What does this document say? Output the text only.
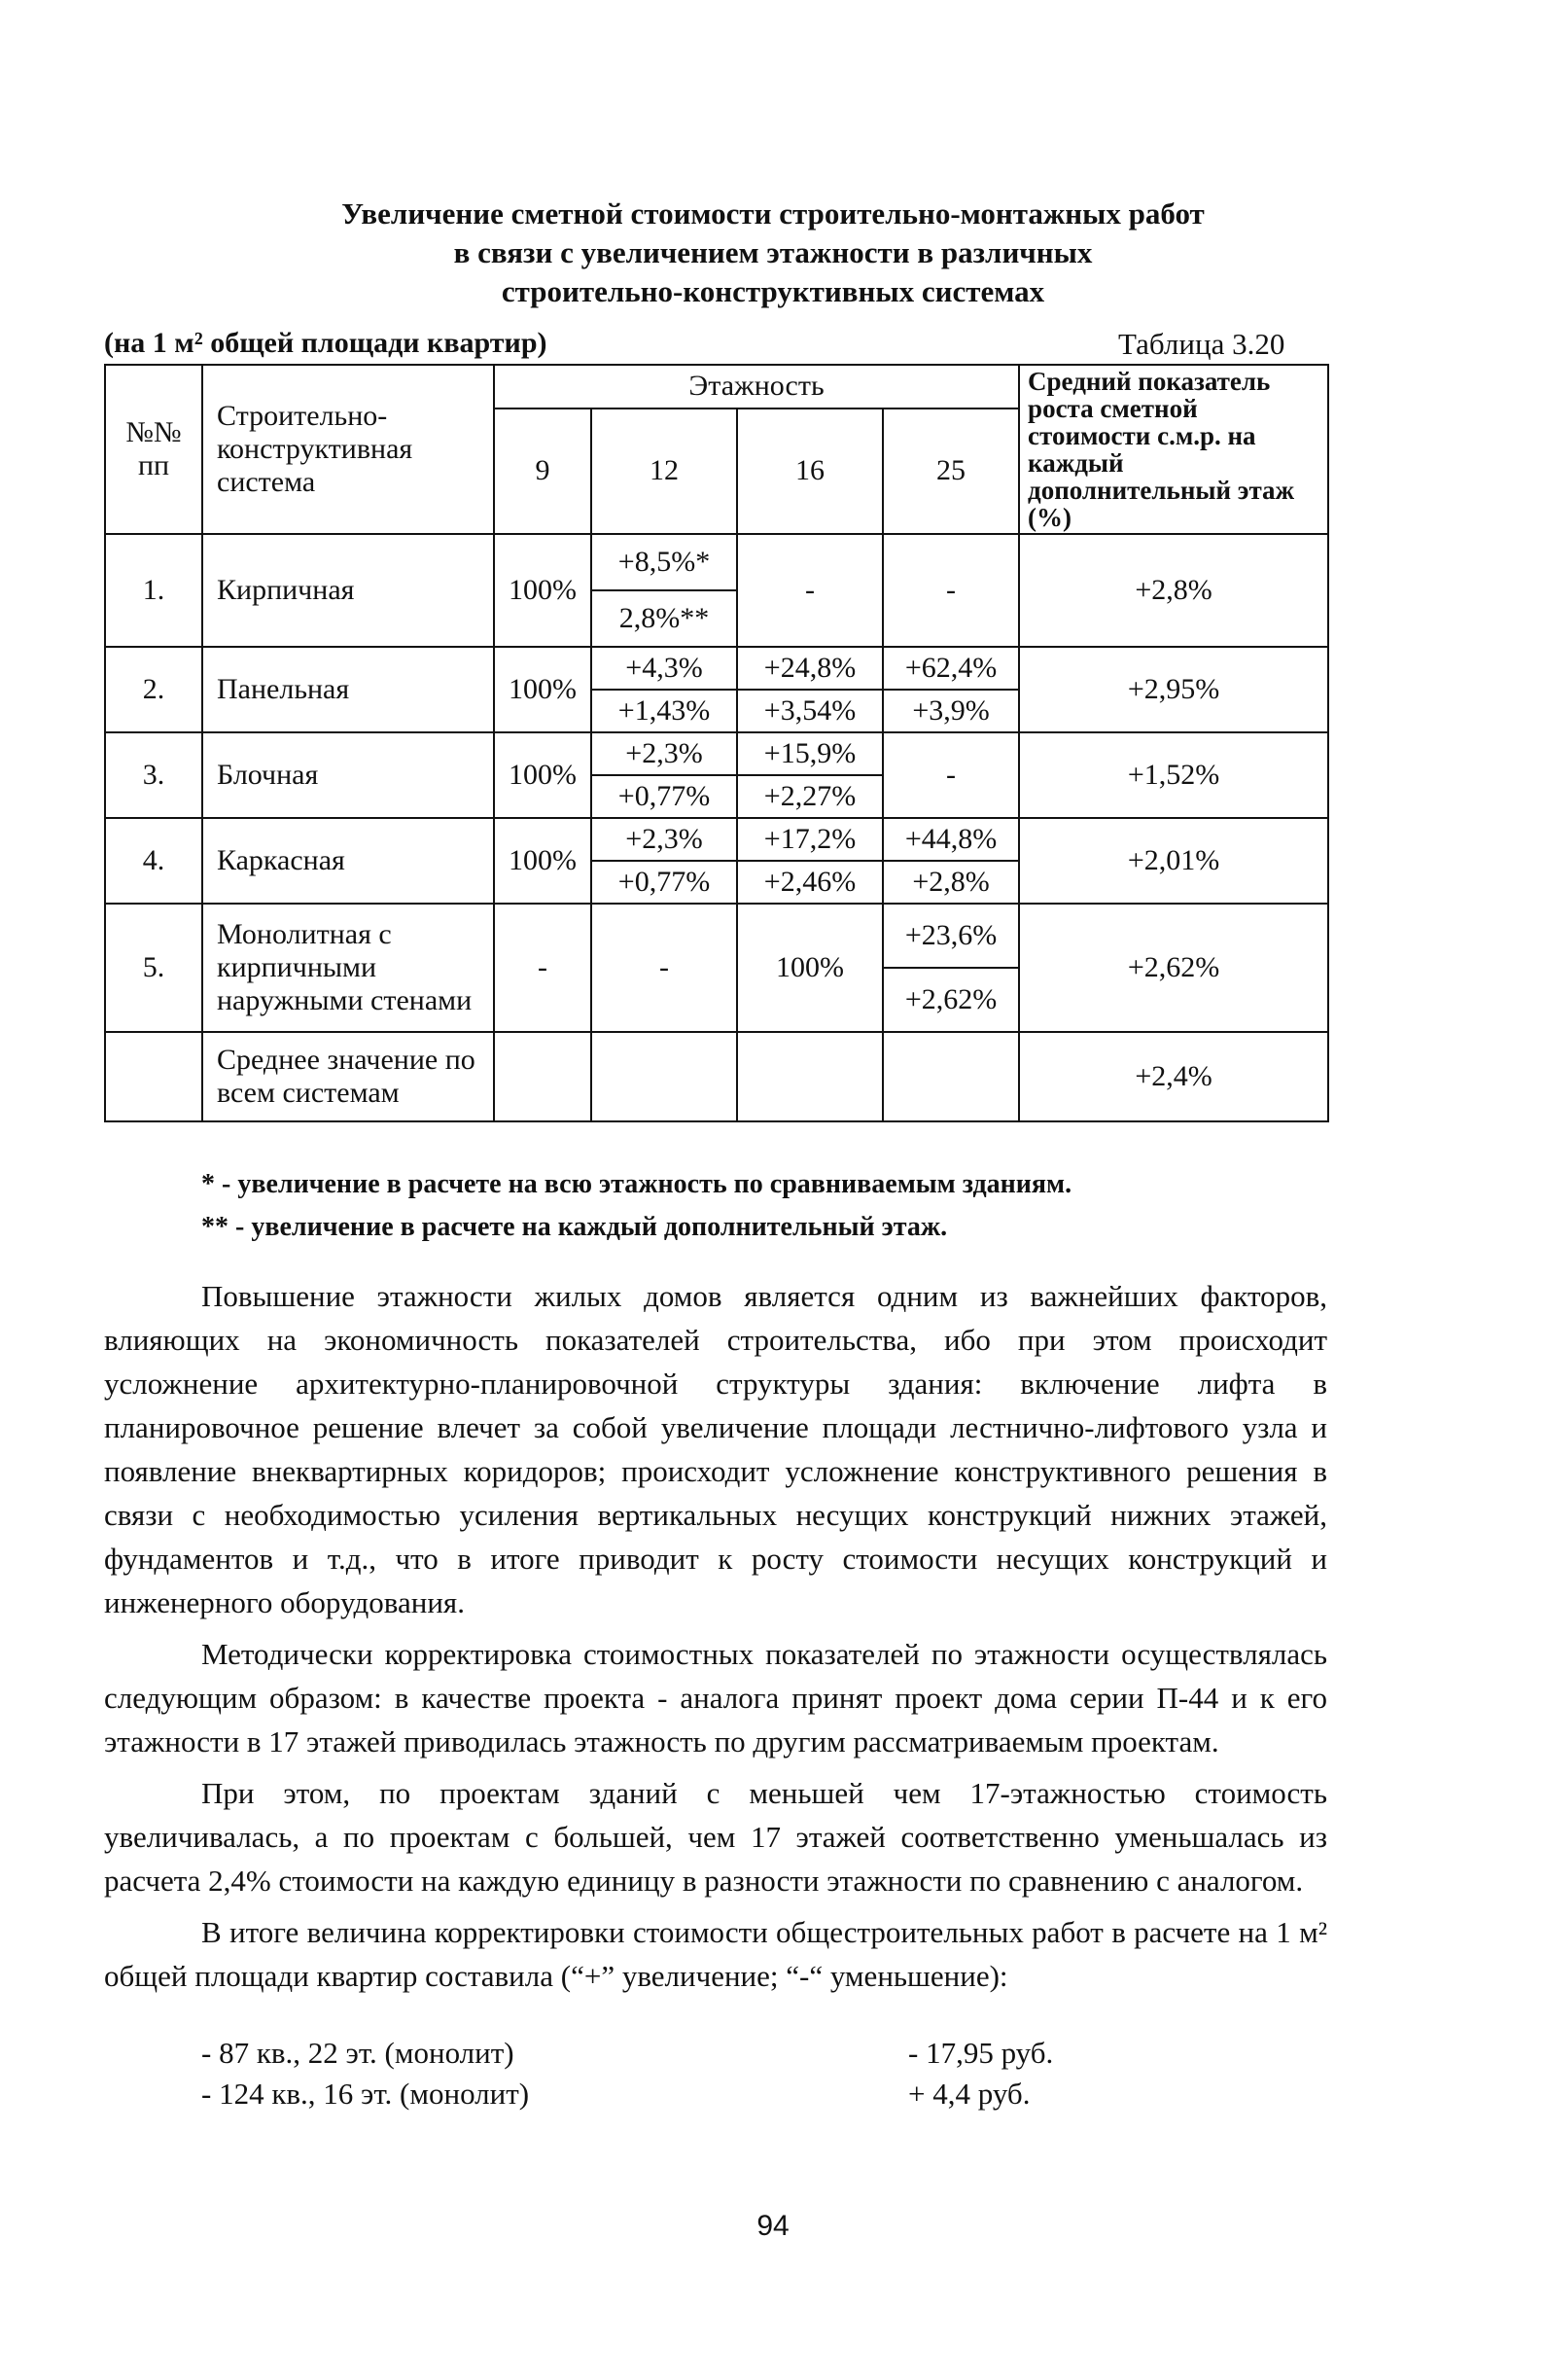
Увеличение сметной стоимости строительно-монтажных работ
в связи с увеличением этажности в различных
строительно-конструктивных системах
(на 1 м² общей площади квартир)	Таблица 3.20
№№ пп	Строительно-конструктивная система	Этажность				Средний показатель роста сметной стоимости с.м.р. на каждый дополнительный этаж (%)
		9	12	16	25	
1.	Кирпичная	100%	+8,5%*	-	-	+2,8%
			2,8%**			
2.	Панельная	100%	+4,3%	+24,8%	+62,4%	+2,95%
			+1,43%	+3,54%	+3,9%	
3.	Блочная	100%	+2,3%	+15,9%	-	+1,52%
			+0,77%	+2,27%		
4.	Каркасная	100%	+2,3%	+17,2%	+44,8%	+2,01%
			+0,77%	+2,46%	+2,8%	
5.	Монолитная с кирпичными наружными стенами	-	-	100%	+23,6%	+2,62%
					+2,62%	
	Среднее значение по всем системам					+2,4%
* - увеличение в расчете на всю этажность по сравниваемым зданиям.
** - увеличение в расчете на каждый дополнительный этаж.

Повышение этажности жилых домов является одним из важнейших факторов, влияющих на экономичность показателей строительства, ибо при этом происходит усложнение архитектурно-планировочной структуры здания: включение лифта в планировочное решение влечет за собой увеличение площади лестнично-лифтового узла и появление внеквартирных коридоров; происходит усложнение конструктивного решения в связи с необходимостью усиления вертикальных несущих конструкций нижних этажей, фундаментов и т.д., что в итоге приводит к росту стоимости несущих конструкций и инженерного оборудования.

Методически корректировка стоимостных показателей по этажности осуществлялась следующим образом: в качестве проекта - аналога принят проект дома серии П-44 и к его этажности в 17 этажей приводилась этажность по другим рассматриваемым проектам.

При этом, по проектам зданий с меньшей чем 17-этажностью стоимость увеличивалась, а по проектам с большей, чем 17 этажей соответственно уменьшалась из расчета 2,4% стоимости на каждую единицу в разности этажности по сравнению с аналогом.

В итоге величина корректировки стоимости общестроительных работ в расчете на 1 м² общей площади квартир составила (“+” увеличение; “-“ уменьшение):

- 87 кв., 22 эт. (монолит)	- 17,95 руб.
- 124 кв., 16 эт. (монолит)	+ 4,4 руб.
94
